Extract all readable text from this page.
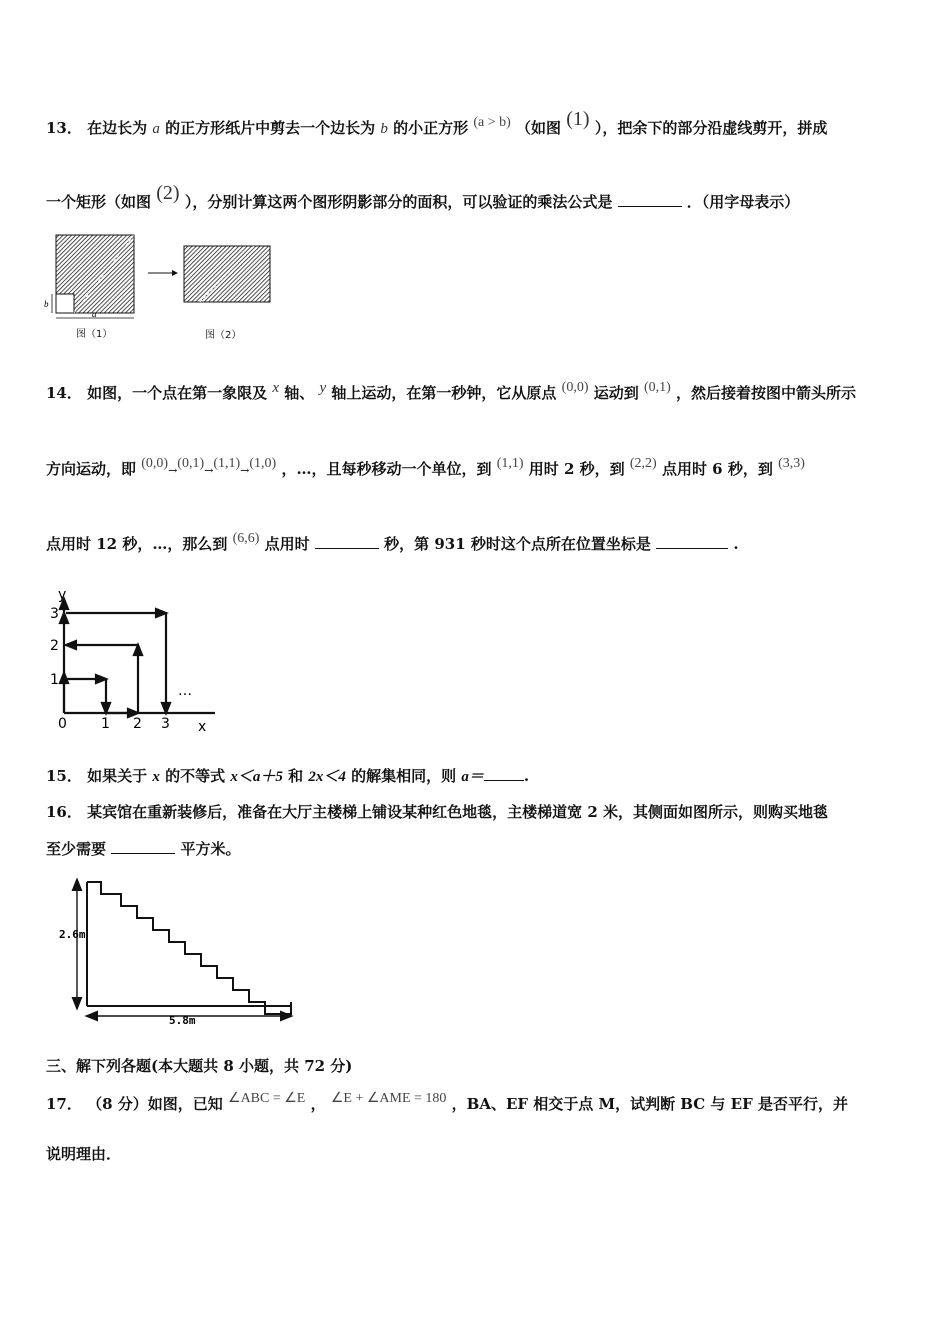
13． 在边长为 a 的正方形纸片中剪去一个边长为 b 的小正方形 (a > b) （如图 (1) ），把余下的部分沿虚线剪开，拼成
一个矩形（如图 (2) ），分别计算这两个图形阴影部分的面积，可以验证的乘法公式是	．（用字母表示）
a
b
图（1）	图（2）
14． 如图，一个点在第一象限及 x 轴、 y 轴上运动，在第一秒钟，它从原点 (0,0) 运动到 (0,1) ，然后接着按图中箭头所示
方向运动，即 (0,0)→(0,1)→(1,1)→(1,0) ，…，且每秒移动一个单位，到 (1,1) 用时 2 秒，到 (2,2) 点用时 6 秒，到 (3,3)
点用时 12 秒，…，那么到 (6,6) 点用时	秒，第 931 秒时这个点所在位置坐标是	.
y
x
0 1 2 3
1
2
3
…
15． 如果关于 x 的不等式 x＜a＋5 和 2x＜4 的解集相同，则 a＝	.
16． 某宾馆在重新装修后，准备在大厅主楼梯上铺设某种红色地毯，主楼梯道宽 2 米，其侧面如图所示，则购买地毯
至少需要	平方米。
2.6m
5.8m
三、解下列各题(本大题共 8 小题，共 72 分)
17． （8 分）如图，已知 ∠ABC = ∠E ， ∠E + ∠AME = 180 ，BA、EF 相交于点 M，试判断 BC 与 EF 是否平行，并
说明理由．
